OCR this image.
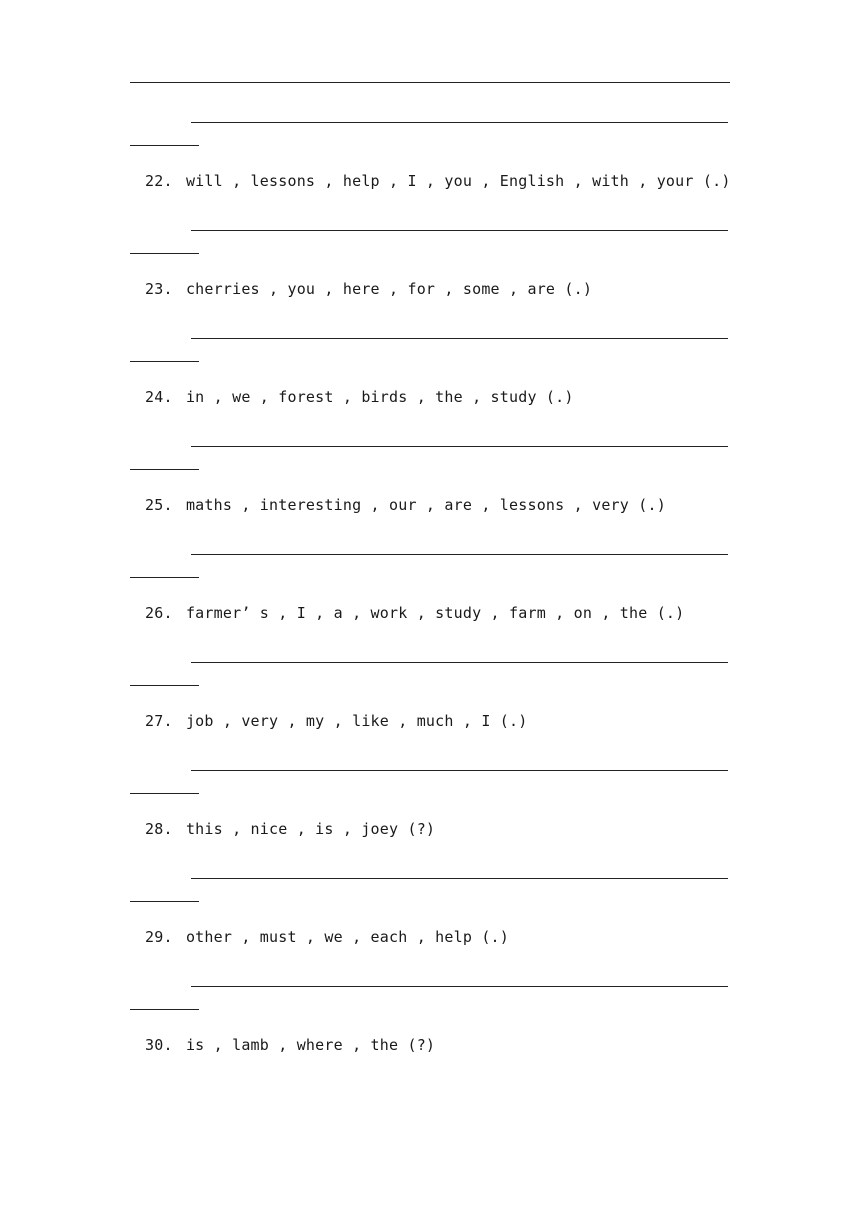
22. will , lessons , help , I , you , English , with , your (.)
23. cherries , you , here , for , some , are (.)
24. in , we , forest , birds , the , study (.)
25. maths , interesting , our , are , lessons , very (.)
26. farmer’ s , I , a , work , study , farm , on , the (.)
27. job , very , my , like , much , I (.)
28. this , nice , is , joey (?)
29. other , must , we , each , help (.)
30. is , lamb , where , the (?)
